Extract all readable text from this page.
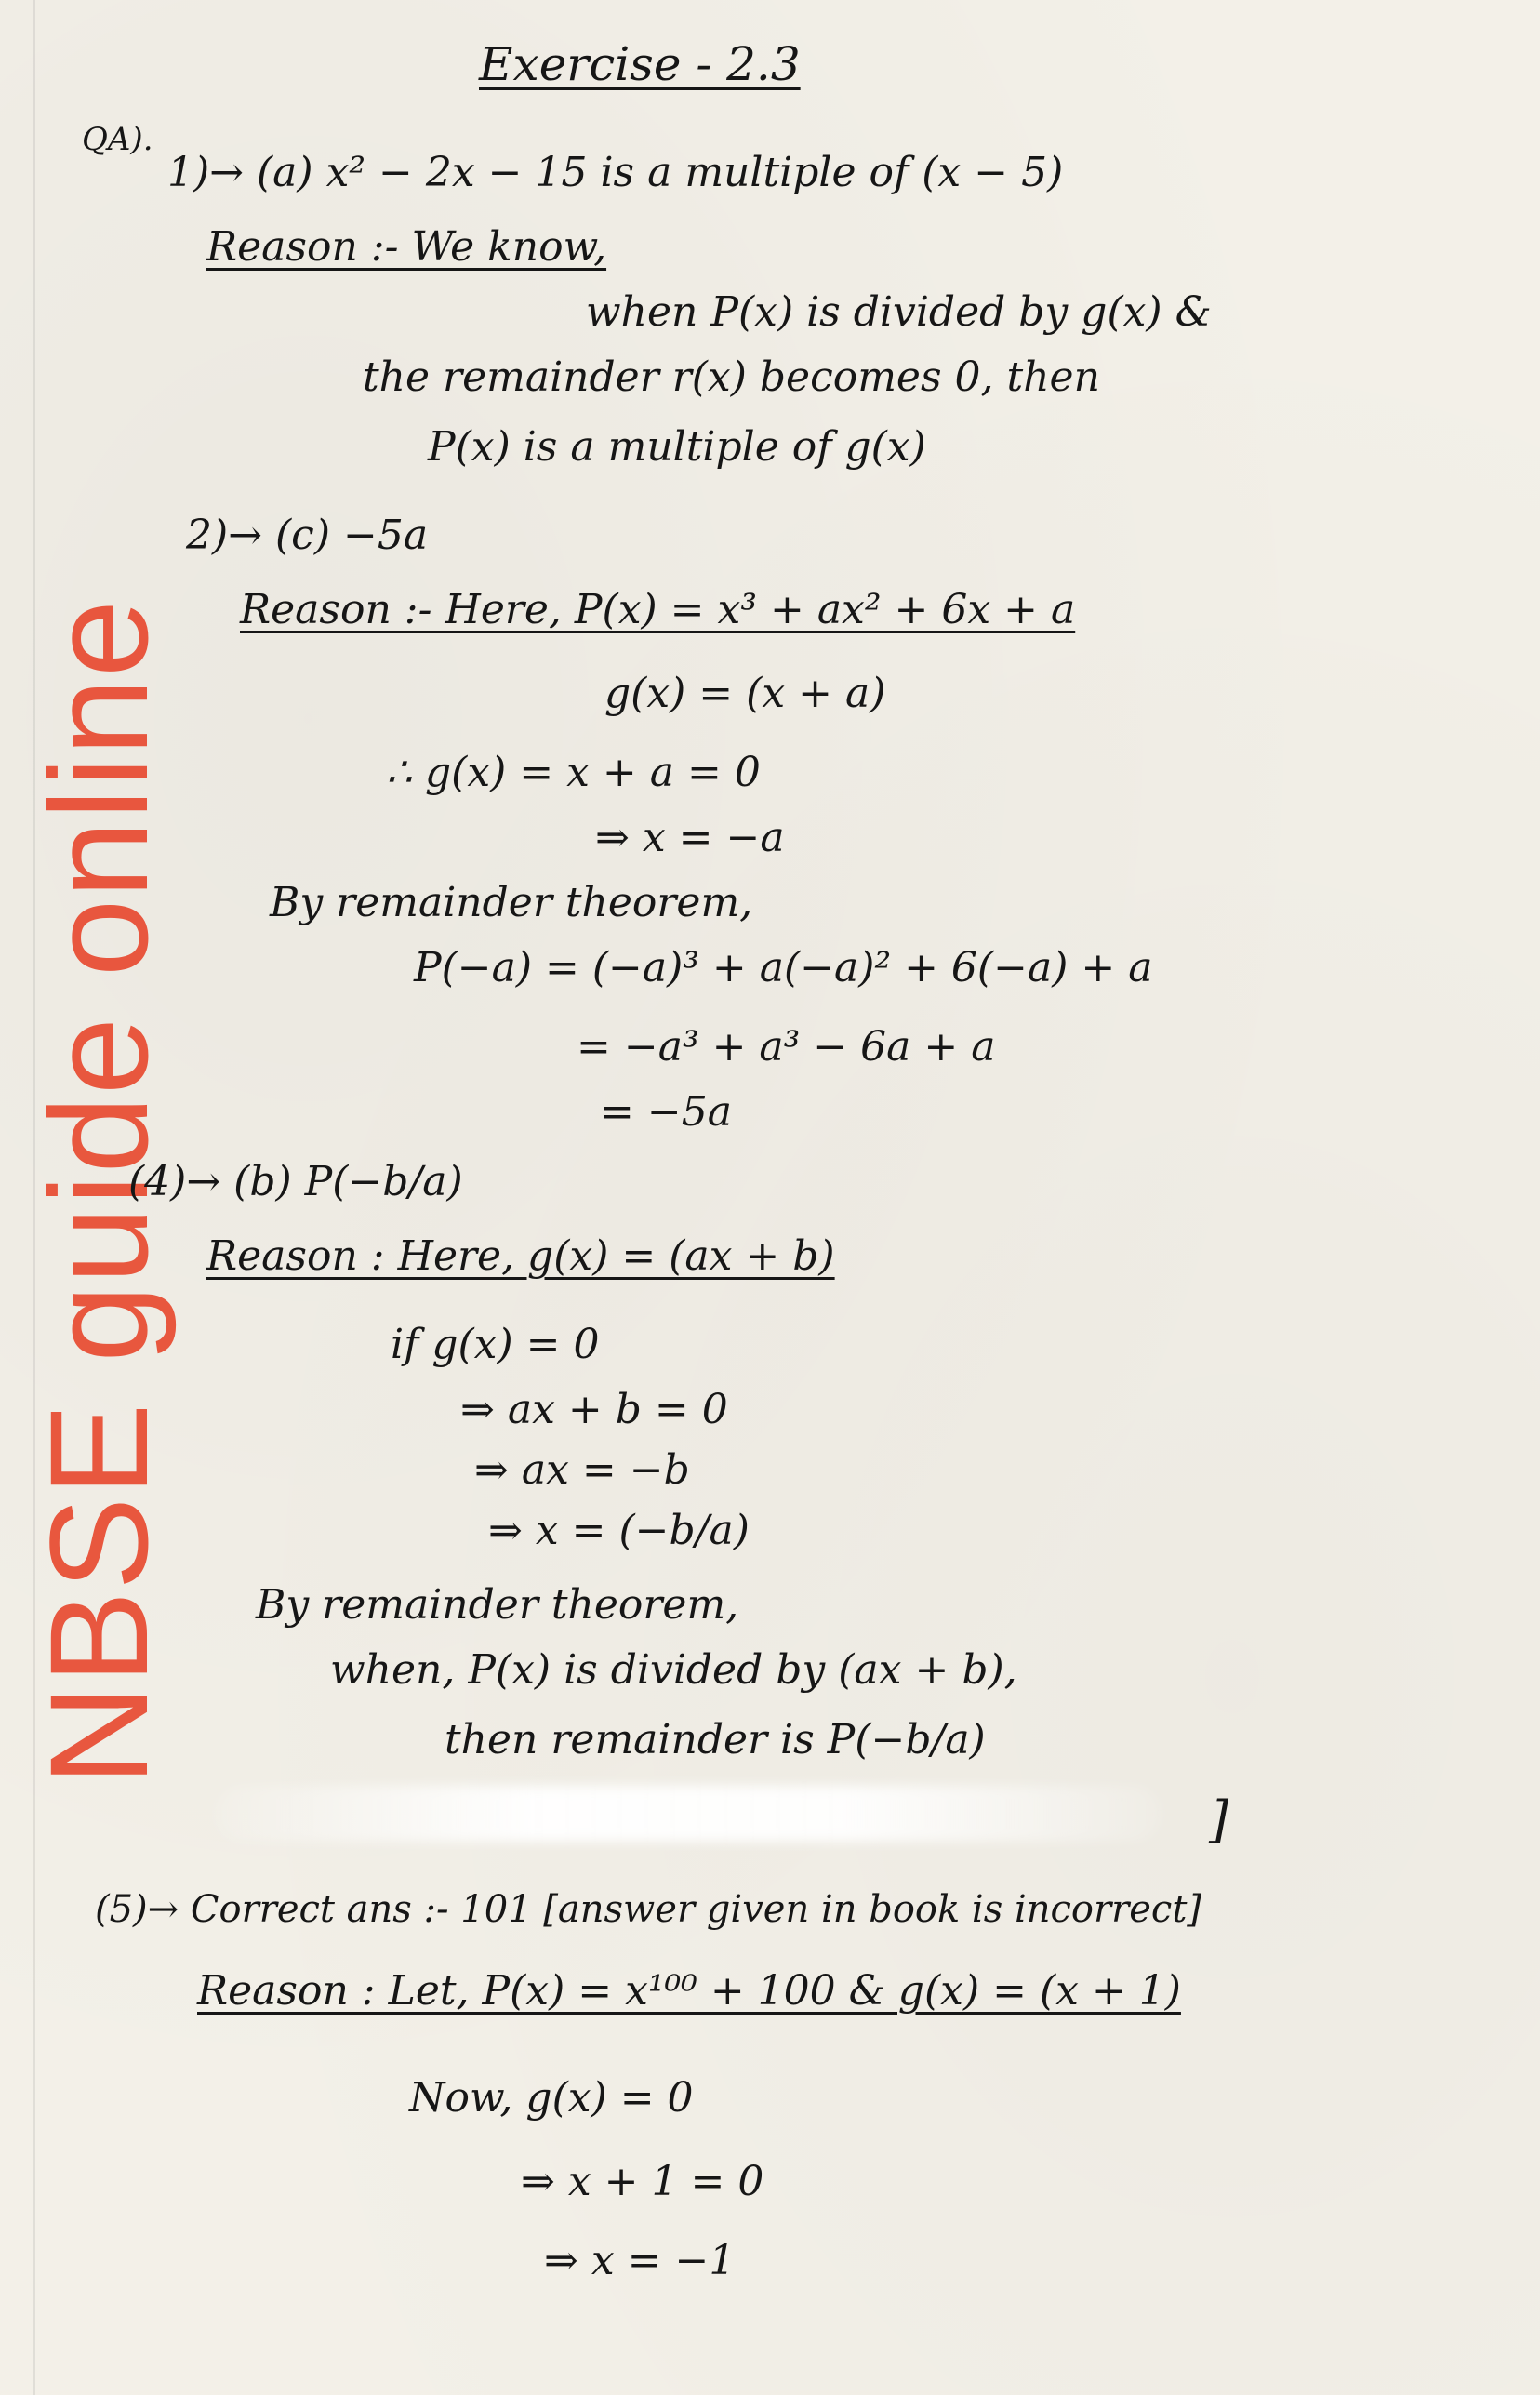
NBSE guide online
Exercise - 2.3
QA).
1)→ (a) x² − 2x − 15 is a multiple of (x − 5)
Reason :- We know,
when P(x) is divided by g(x) &
the remainder r(x) becomes 0, then
P(x) is a multiple of g(x)
2)→ (c) −5a
Reason :- Here, P(x) = x³ + ax² + 6x + a
g(x) = (x + a)
∴ g(x) = x + a = 0
⇒ x = −a
By remainder theorem,
P(−a) = (−a)³ + a(−a)² + 6(−a) + a
= −a³ + a³ − 6a + a
= −5a
(4)→ (b) P(−b/a)
Reason : Here, g(x) = (ax + b)
if g(x) = 0
⇒ ax + b = 0
⇒ ax = −b
⇒ x = (−b/a)
By remainder theorem,
when, P(x) is divided by (ax + b),
then remainder is P(−b/a)
]
(5)→ Correct ans :- 101 [answer given in book is incorrect]
Reason : Let, P(x) = x¹⁰⁰ + 100 & g(x) = (x + 1)
Now, g(x) = 0
⇒ x + 1 = 0
⇒ x = −1
